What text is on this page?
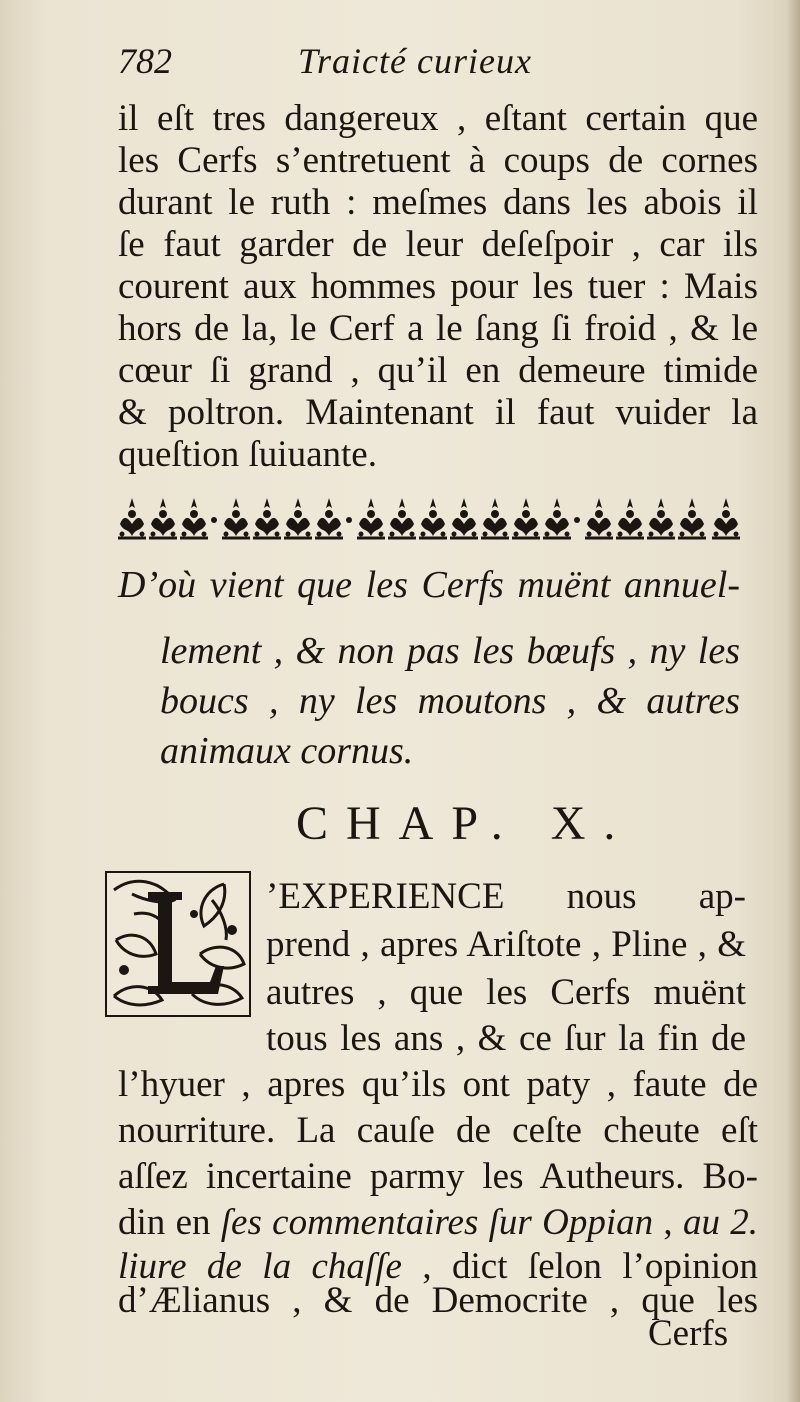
782	Traicté curieux
il eſt tres dangereux , eſtant certain que
les Cerfs s’entretuent à coups de cornes
durant le ruth : meſmes dans les abois il
ſe faut garder de leur deſeſpoir , car ils
courent aux hommes pour les tuer : Mais
hors de la, le Cerf a le ſang ſi froid , & le
cœur ſi grand , qu’il en demeure timide
& poltron. Maintenant il faut vuider la
queſtion ſuiuante.
D’où vient que les Cerfs muënt annuel-
lement , & non pas les bœufs , ny les
boucs , ny les moutons , & autres
animaux cornus.
CHAP. X.
’EXPERIENCE nous ap-
prend , apres Ariſtote , Pline , &
autres , que les Cerfs muënt
tous les ans , & ce ſur la fin de
l’hyuer , apres qu’ils ont paty , faute de
nourriture. La cauſe de ceſte cheute eſt
aſſez incertaine parmy les Autheurs. Bo-
din en ſes commentaires ſur Oppian , au 2.
liure de la chaſſe , dict ſelon l’opinion
d’Ælianus , & de Democrite , que les
Cerfs
